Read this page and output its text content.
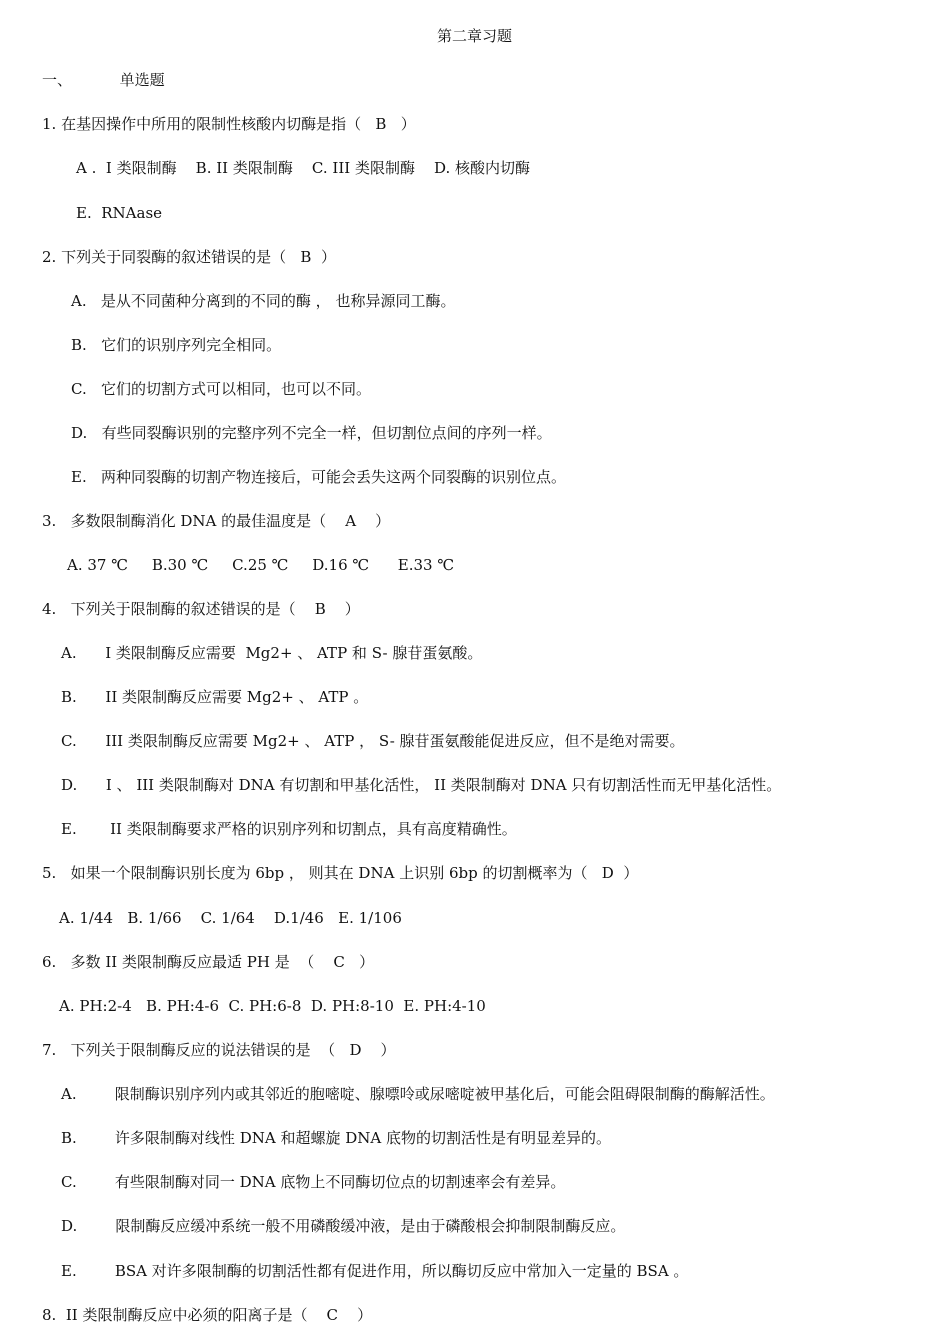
第二章习题
一、          单选题
1. 在基因操作中所用的限制性核酸内切酶是指（   B   ）
A .  I 类限制酶    B. II 类限制酶    C. III 类限制酶    D. 核酸内切酶
E.  RNAase
2. 下列关于同裂酶的叙述错误的是（   B  ）
A.   是从不同菌种分离到的不同的酶 ， 也称异源同工酶。
B.   它们的识别序列完全相同。
C.   它们的切割方式可以相同，也可以不同。
D.   有些同裂酶识别的完整序列不完全一样，但切割位点间的序列一样。
E.   两种同裂酶的切割产物连接后，可能会丢失这两个同裂酶的识别位点。
3.   多数限制酶消化 DNA 的最佳温度是（    A    ）
A. 37 ℃     B.30 ℃     C.25 ℃     D.16 ℃      E.33 ℃
4.   下列关于限制酶的叙述错误的是（    B    ）
A.      I 类限制酶反应需要  Mg2+ 、 ATP 和 S- 腺苷蛋氨酸。
B.      II 类限制酶反应需要 Mg2+ 、 ATP 。
C.      III 类限制酶反应需要 Mg2+ 、 ATP ， S- 腺苷蛋氨酸能促进反应，但不是绝对需要。
D.      I 、 III 类限制酶对 DNA 有切割和甲基化活性， II 类限制酶对 DNA 只有切割活性而无甲基化活性。
E.       II 类限制酶要求严格的识别序列和切割点，具有高度精确性。
5.   如果一个限制酶识别长度为 6bp ， 则其在 DNA 上识别 6bp 的切割概率为（   D  ）
A. 1/44   B. 1/66    C. 1/64    D.1/46   E. 1/106
6.   多数 II 类限制酶反应最适 PH 是  （    C   ）
A. PH:2-4   B. PH:4-6  C. PH:6-8  D. PH:8-10  E. PH:4-10
7.   下列关于限制酶反应的说法错误的是  （   D    ）
A.        限制酶识别序列内或其邻近的胞嘧啶、腺嘌呤或尿嘧啶被甲基化后，可能会阻碍限制酶的酶解活性。
B.        许多限制酶对线性 DNA 和超螺旋 DNA 底物的切割活性是有明显差异的。
C.        有些限制酶对同一 DNA 底物上不同酶切位点的切割速率会有差异。
D.        限制酶反应缓冲系统一般不用磷酸缓冲液，是由于磷酸根会抑制限制酶反应。
E.        BSA 对许多限制酶的切割活性都有促进作用，所以酶切反应中常加入一定量的 BSA 。
8.  II 类限制酶反应中必须的阳离子是（    C    ）
